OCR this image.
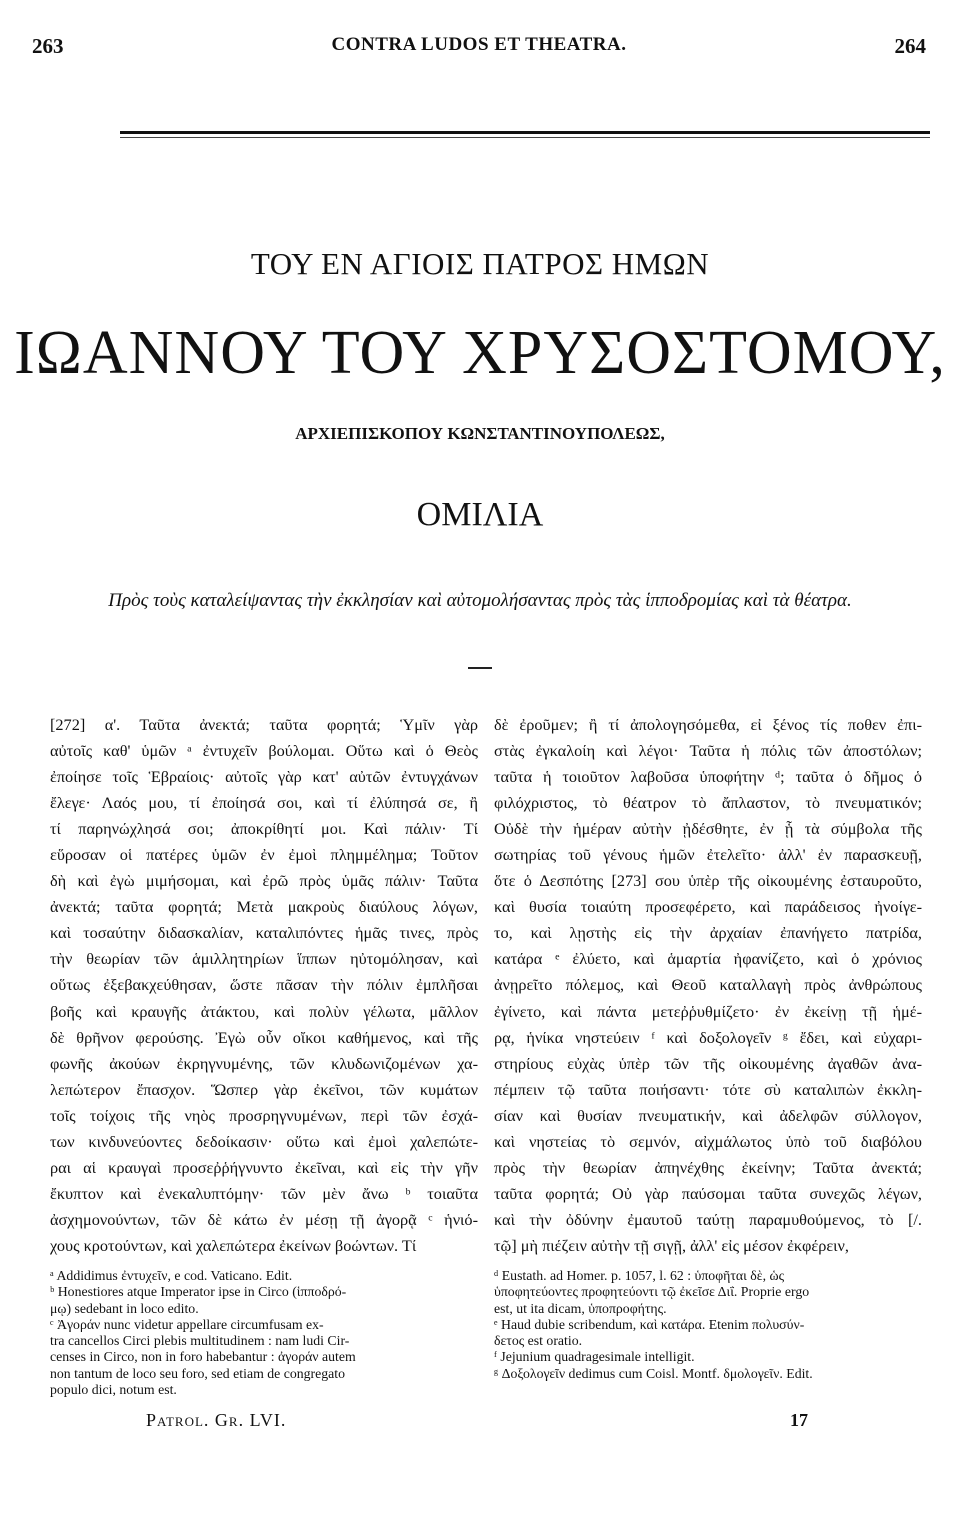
263	CONTRA LUDOS ET THEATRA.	264
ΤΟΥ ΕΝ ΑΓΙΟΙΣ ΠΑΤΡΟΣ ΗΜΩΝ
ΙΩΑΝΝΟΥ ΤΟΥ ΧΡΥΣΟΣΤΟΜΟΥ,
ΑΡΧΙΕΠΙΣΚΟΠΟΥ ΚΩΝΣΤΑΝΤΙΝΟΥΠΟΛΕΩΣ,
ΟΜΙΛΙΑ
Πρὸς τοὺς καταλείψαντας τὴν ἐκκλησίαν καὶ αὐτομολήσαντας πρὸς τὰς ἱπποδρομίας καὶ τὰ θέατρα.
[272] α'. Ταῦτα ἀνεκτά; ταῦτα φορητά; Ὑμῖν γὰρ
αὐτοῖς καθ' ὑμῶν ᵃ ἐντυχεῖν βούλομαι. Οὕτω καὶ ὁ Θεὸς
ἐποίησε τοῖς Ἑβραίοις· αὐτοῖς γὰρ κατ' αὐτῶν ἐντυγχάνων
ἔλεγε· Λαός μου, τί ἐποίησά σοι, καὶ τί ἐλύπησά σε, ἢ
τί παρηνώχλησά σοι; ἀποκρίθητί μοι. Καὶ πάλιν· Τί
εὕροσαν οἱ πατέρες ὑμῶν ἐν ἐμοὶ πλημμέλημα; Τοῦτον
δὴ καὶ ἐγὼ μιμήσομαι, καὶ ἐρῶ πρὸς ὑμᾶς πάλιν· Ταῦτα
ἀνεκτά; ταῦτα φορητά; Μετὰ μακροὺς διαύλους λόγων,
καὶ τοσαύτην διδασκαλίαν, καταλιπόντες ἡμᾶς τινες, πρὸς
τὴν θεωρίαν τῶν ἁμιλλητηρίων ἵππων ηὐτομόλησαν, καὶ
οὕτως ἐξεβακχεύθησαν, ὥστε πᾶσαν τὴν πόλιν ἐμπλῆσαι
βοῆς καὶ κραυγῆς ἀτάκτου, καὶ πολὺν γέλωτα, μᾶλλον
δὲ θρῆνον φερούσης. Ἐγὼ οὖν οἴκοι καθήμενος, καὶ τῆς
φωνῆς ἀκούων ἐκρηγνυμένης, τῶν κλυδωνιζομένων χα-
λεπώτερον ἔπασχον. Ὥσπερ γὰρ ἐκεῖνοι, τῶν κυμάτων
τοῖς τοίχοις τῆς νηὸς προσρηγνυμένων, περὶ τῶν ἐσχά-
των κινδυνεύοντες δεδοίκασιν· οὕτω καὶ ἐμοὶ χαλεπώτε-
ραι αἱ κραυγαὶ προσεῤῥήγνυντο ἐκεῖναι, καὶ εἰς τὴν γῆν
ἔκυπτον καὶ ἐνεκαλυπτόμην· τῶν μὲν ἄνω ᵇ τοιαῦτα
ἀσχημονούντων, τῶν δὲ κάτω ἐν μέσῃ τῇ ἀγορᾷ ᶜ ἡνιό-
χους κροτούντων, καὶ χαλεπώτερα ἐκείνων βοώντων. Τί
δὲ ἐροῦμεν; ἢ τί ἀπολογησόμεθα, εἰ ξένος τίς ποθεν ἐπι-
στὰς ἐγκαλοίη καὶ λέγοι· Ταῦτα ἡ πόλις τῶν ἀποστόλων;
ταῦτα ἡ τοιοῦτον λαβοῦσα ὑποφήτην ᵈ; ταῦτα ὁ δῆμος ὁ
φιλόχριστος, τὸ θέατρον τὸ ἄπλαστον, τὸ πνευματικόν;
Οὐδὲ τὴν ἡμέραν αὐτὴν ᾐδέσθητε, ἐν ᾗ τὰ σύμβολα τῆς
σωτηρίας τοῦ γένους ἡμῶν ἐτελεῖτο· ἀλλ' ἐν παρασκευῇ,
ὅτε ὁ Δεσπότης [273] σου ὑπὲρ τῆς οἰκουμένης ἐσταυροῦτο,
καὶ θυσία τοιαύτη προσεφέρετο, καὶ παράδεισος ἠνοίγε-
το, καὶ λῃστὴς εἰς τὴν ἀρχαίαν ἐπανήγετο πατρίδα,
κατάρα ᵉ ἐλύετο, καὶ ἁμαρτία ἠφανίζετο, καὶ ὁ χρόνιος
ἀνῃρεῖτο πόλεμος, καὶ Θεοῦ καταλλαγὴ πρὸς ἀνθρώπους
ἐγίνετο, καὶ πάντα μετεῤῥυθμίζετο· ἐν ἐκείνῃ τῇ ἡμέ-
ρᾳ, ἡνίκα νηστεύειν ᶠ καὶ δοξολογεῖν ᵍ ἔδει, καὶ εὐχαρι-
στηρίους εὐχὰς ὑπὲρ τῶν τῆς οἰκουμένης ἀγαθῶν ἀνα-
πέμπειν τῷ ταῦτα ποιήσαντι· τότε σὺ καταλιπὼν ἐκκλη-
σίαν καὶ θυσίαν πνευματικήν, καὶ ἀδελφῶν σύλλογον,
καὶ νηστείας τὸ σεμνόν, αἰχμάλωτος ὑπὸ τοῦ διαβόλου
πρὸς τὴν θεωρίαν ἀπηνέχθης ἐκείνην; Ταῦτα ἀνεκτά;
ταῦτα φορητά; Οὐ γὰρ παύσομαι ταῦτα συνεχῶς λέγων,
καὶ τὴν ὀδύνην ἐμαυτοῦ ταύτῃ παραμυθούμενος, τὸ [/.
τῷ] μὴ πιέζειν αὐτὴν τῇ σιγῇ, ἀλλ' εἰς μέσον ἐκφέρειν,
ᵃ Addidimus ἐντυχεῖν, e cod. Vaticano. Edit.
ᵇ Honestiores atque Imperator ipse in Circo (ἱπποδρό-
μῳ) sedebant in loco edito.
ᶜ Ἀγοράν nunc videtur appellare circumfusam ex-
tra cancellos Circi plebis multitudinem : nam ludi Cir-
censes in Circo, non in foro habebantur : ἀγοράν autem
non tantum de loco seu foro, sed etiam de congregato
populo dici, notum est.
ᵈ Eustath. ad Homer. p. 1057, l. 62 : ὑποφῆται δὲ, ὡς
ὑποφητεύοντες προφητεύοντι τῷ ἐκεῖσε Διΐ. Proprie ergo
est, ut ita dicam, ὑποπροφήτης.
ᵉ Haud dubie scribendum, καὶ κατάρα. Etenim πολυσύν-
δετος est oratio.
ᶠ Jejunium quadragesimale intelligit.
ᵍ Δοξολογεῖν dedimus cum Coisl. Montf. δμολογεῖν. Edit.
Patrol. Gr. LVI.	17
